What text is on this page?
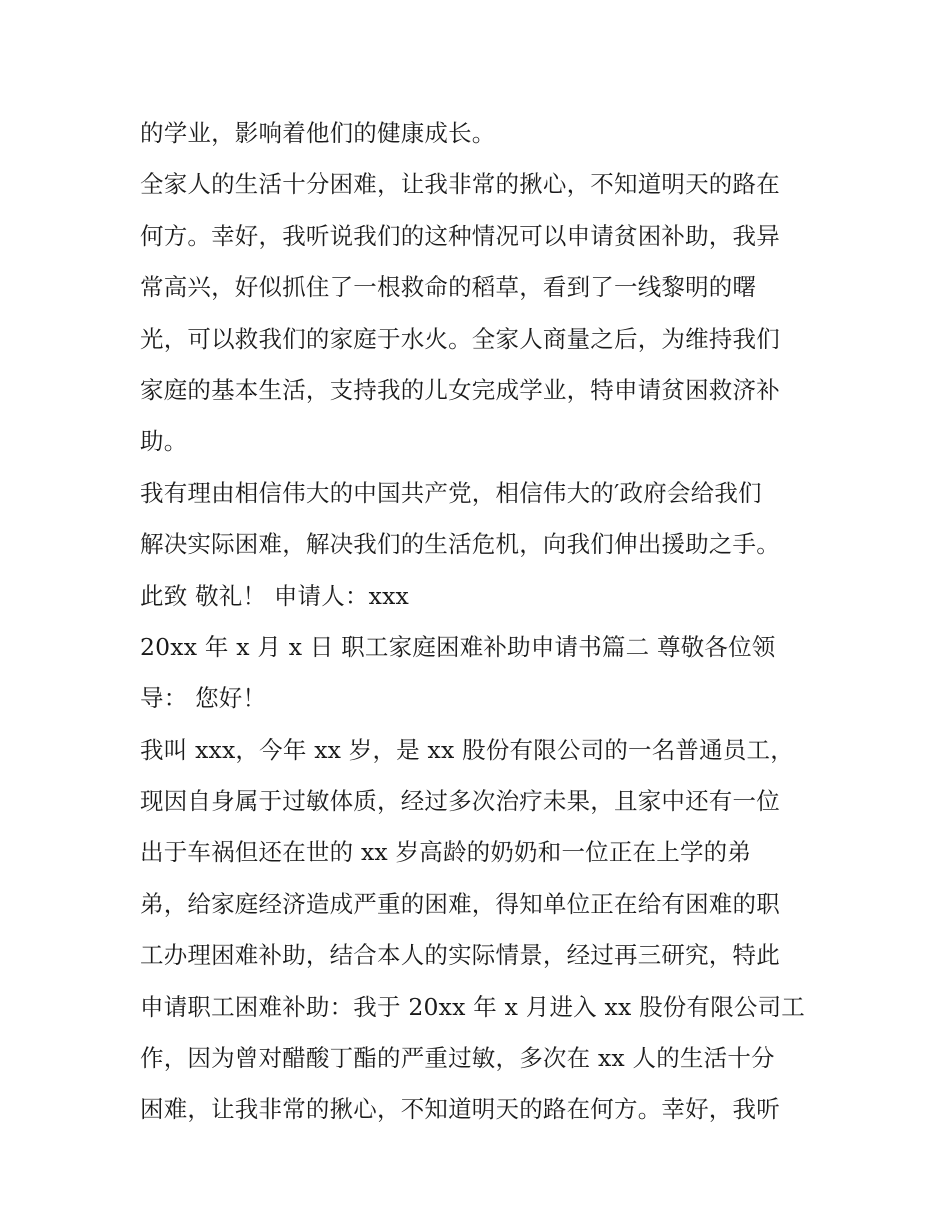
的学业，影响着他们的健康成长。
全家人的生活十分困难，让我非常的揪心，不知道明天的路在
何方。幸好，我听说我们的这种情况可以申请贫困补助，我异
常高兴，好似抓住了一根救命的稻草，看到了一线黎明的曙
光，可以救我们的家庭于水火。全家人商量之后，为维持我们
家庭的基本生活，支持我的儿女完成学业，特申请贫困救济补
助。
我有理由相信伟大的中国共产党，相信伟大的′政府会给我们
解决实际困难，解决我们的生活危机，向我们伸出援助之手。
此致 敬礼！ 申请人：xxx
20xx 年 x 月 x 日 职工家庭困难补助申请书篇二 尊敬各位领
导： 您好！
我叫 xxx，今年 xx 岁，是 xx 股份有限公司的一名普通员工，
现因自身属于过敏体质，经过多次治疗未果，且家中还有一位
出于车祸但还在世的 xx 岁高龄的奶奶和一位正在上学的弟
弟，给家庭经济造成严重的困难，得知单位正在给有困难的职
工办理困难补助，结合本人的实际情景，经过再三研究，特此
申请职工困难补助：我于 20xx 年 x 月进入 xx 股份有限公司工
作，因为曾对醋酸丁酯的严重过敏，多次在 xx 人的生活十分
困难，让我非常的揪心，不知道明天的路在何方。幸好，我听
